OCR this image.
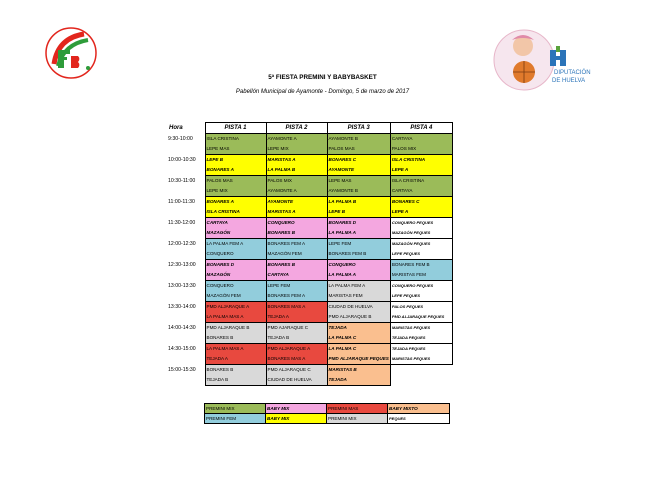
DIPUTACIÓN
DE HUELVA
5ª FIESTA PREMINI Y BABYBASKET
Pabellón Municipal de Ayamonte - Domingo, 5 de marzo de 2017
Hora	PISTA 1	PISTA 2	PISTA 3	PISTA 4
9:30-10:00	ISLA CRISTINA	AYAMONTE A	AYAMONTE B	CARTAYA
	LEPE MAS	LEPE MIX	PALOS MAS	PALOS MIX
10:00-10:30	LEPE B	MARISTAS A	BONARES C	ISLA CRISTINA
	BONARES A	LA PALMA B	AYAMONTE	LEPE A
10:30-11:00	PALOS MAS	PALOS MIX	LEPE MAS	ISLA CRISTINA
	LEPE MIX	AYAMONTE A	AYAMONTE B	CARTAYA
11:00-11:30	BONARES A	AYAMONTE	LA PALMA B	BONARES C
	ISLA CRISTINA	MARISTAS A	LEPE B	LEPE A
11:30-12:00	CARTAYA	CONQUERO	BONARES D	CONQUERO PEQUES
	MAZAGÓN	BONARES B	LA PALMA A	MAZAGÓN PEQUES
12:00-12:30	LA PALMA FEM A	BONARES FEM A	LEPE FEM	MAZAGÓN PEQUES
	CONQUERO	MAZAGÓN FEM	BONARES FEM B	LEPE PEQUES
12:30-13:00	BONARES D	BONARES B	CONQUERO	BONARES FEM B
	MAZAGÓN	CARTAYA	LA PALMA A	MARISTAS FEM
13:00-13:30	CONQUERO	LEPE FEM	LA PALMA FEM A	CONQUERO PEQUES
	MAZAGÓN FEM	BONARES FEM A	MARISTAS FEM	LEPE PEQUES
13:30-14:00	PMD ALJARAQUE A	BONARES MAS A	CIUDAD DE HUELVA	PALOS PEQUES
	LA PALMA MAS A	TEJADA A	PMD ALJARAQUE B	PMD ALJARAQUE PEQUES
14:00-14:30	PMD ALJARAQUE B	PMD AJARAQUE C	TEJADA	MARISTAS PEQUES
	BONARES B	TEJADA B	LA PALMA C	TEJADA PEQUES
14:30-15:00	LA PALMA MAS A	PMD ALJARAQUE A	LA PALMA C	TEJADA PEQUES
	TEJADA A	BONARES MAS A	PMD ALJARAQUE PEQUES	MARISTAS PEQUES
15:00-15:30	BONARES B	PMD ALJARAQUE C	MARISTAS B	
	TEJADA B	CIUDAD DE HUELVA	TEJADA	
PREMINI MIX	BABY MIX	PREMINI MAS	BABY MIXTO
PREMINI FEM	BABY MIX	PREMINI MIX	PEQUES
